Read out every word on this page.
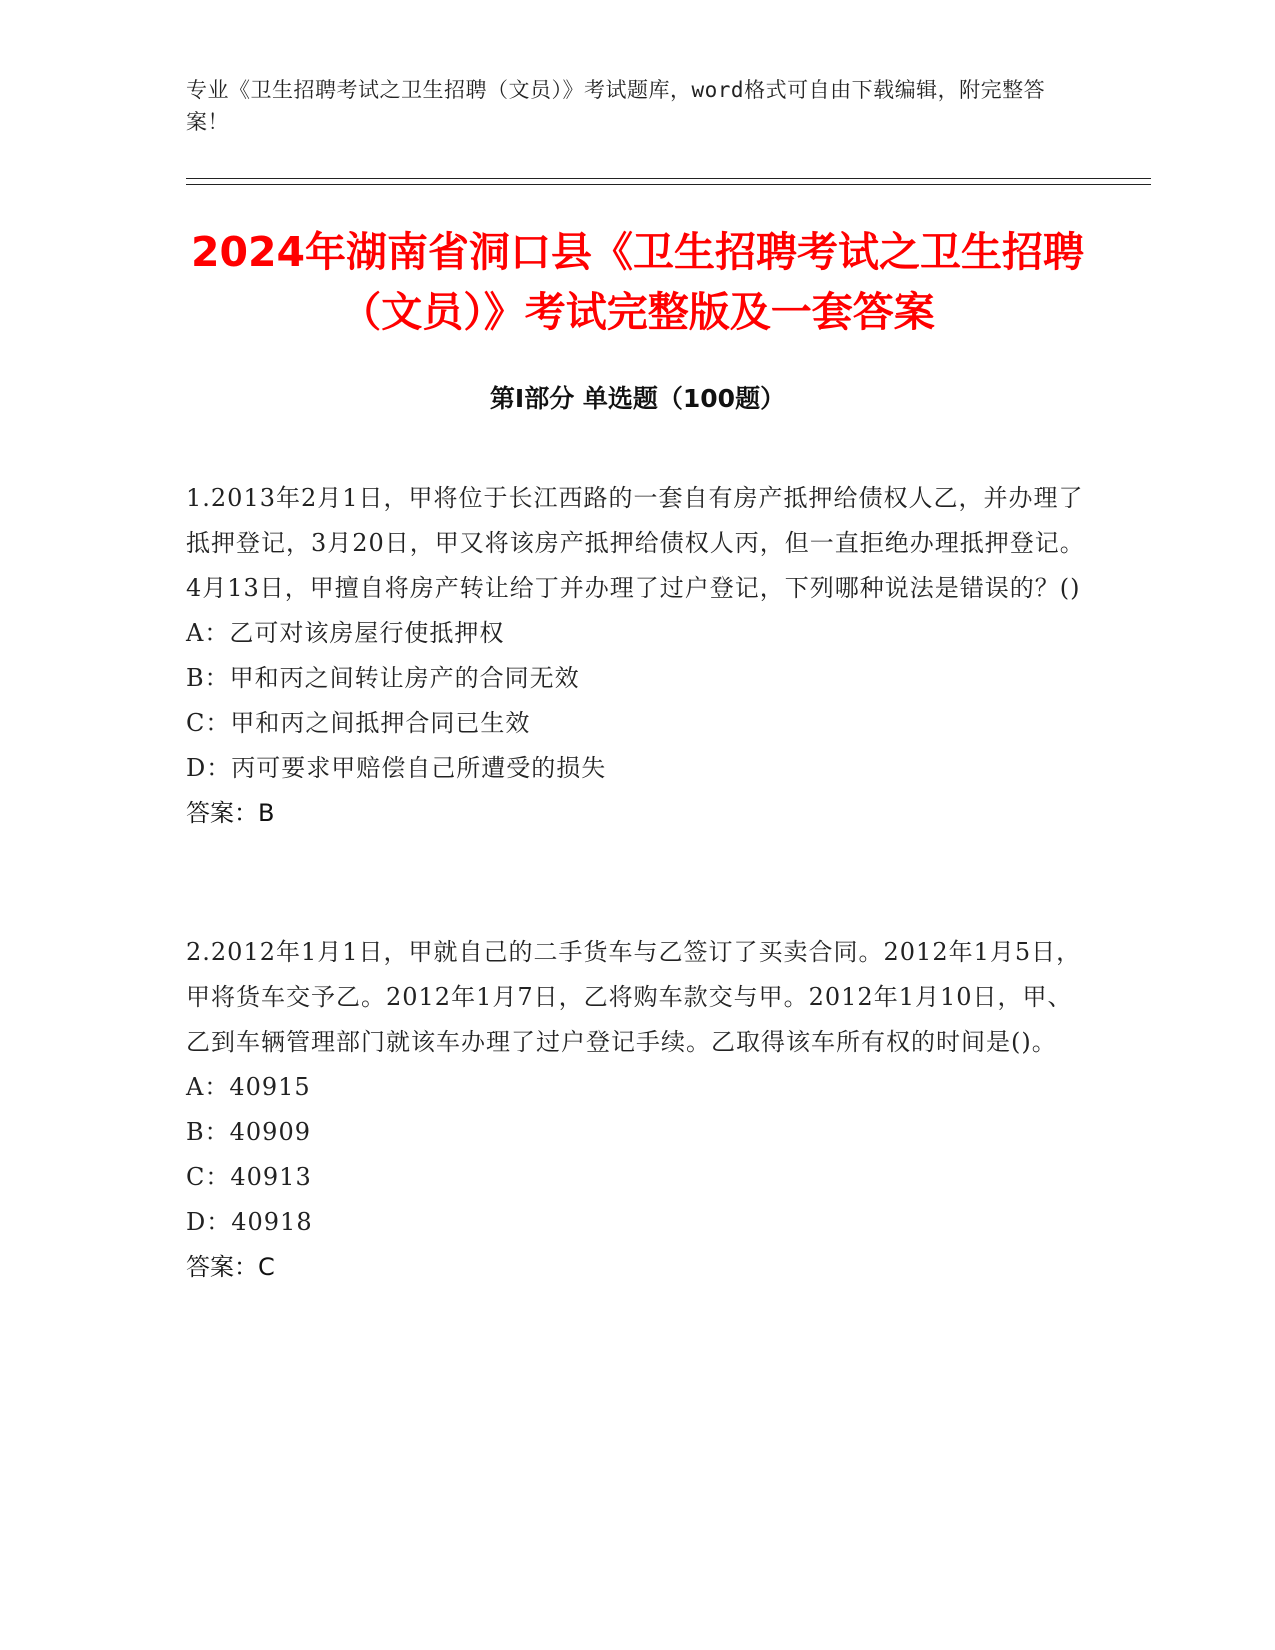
专业《卫生招聘考试之卫生招聘（文员）》考试题库，word格式可自由下载编辑，附完整答案！
2024年湖南省洞口县《卫生招聘考试之卫生招聘（文员）》考试完整版及一套答案
第Ⅰ部分 单选题（100题）
1.2013年2月1日，甲将位于长江西路的一套自有房产抵押给债权人乙，并办理了抵押登记，3月20日，甲又将该房产抵押给债权人丙，但一直拒绝办理抵押登记。4月13日，甲擅自将房产转让给丁并办理了过户登记，下列哪种说法是错误的？()
A：乙可对该房屋行使抵押权
B：甲和丙之间转让房产的合同无效
C：甲和丙之间抵押合同已生效
D：丙可要求甲赔偿自己所遭受的损失
答案：B
2.2012年1月1日，甲就自己的二手货车与乙签订了买卖合同。2012年1月5日，甲将货车交予乙。2012年1月7日，乙将购车款交与甲。2012年1月10日，甲、乙到车辆管理部门就该车办理了过户登记手续。乙取得该车所有权的时间是()。
A：40915
B：40909
C：40913
D：40918
答案：C
